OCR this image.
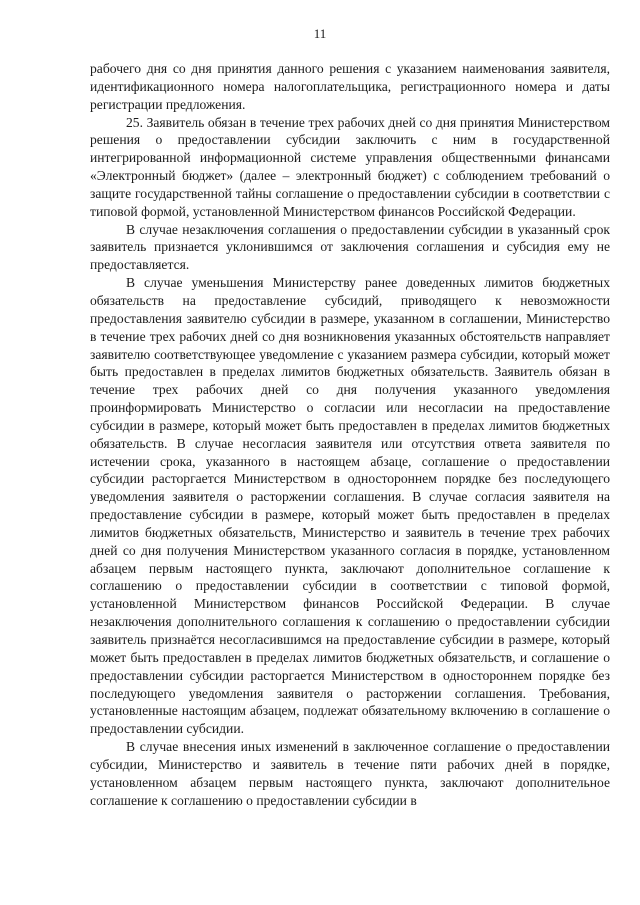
11

рабочего дня со дня принятия данного решения с указанием наименования заявителя, идентификационного номера налогоплательщика, регистрационного номера и даты регистрации предложения.

25. Заявитель обязан в течение трех рабочих дней со дня принятия Министерством решения о предоставлении субсидии заключить с ним в государственной интегрированной информационной системе управления общественными финансами «Электронный бюджет» (далее – электронный бюджет) с соблюдением требований о защите государственной тайны соглашение о предоставлении субсидии в соответствии с типовой формой, установленной Министерством финансов Российской Федерации.

В случае незаключения соглашения о предоставлении субсидии в указанный срок заявитель признается уклонившимся от заключения соглашения и субсидия ему не предоставляется.

В случае уменьшения Министерству ранее доведенных лимитов бюджетных обязательств на предоставление субсидий, приводящего к невозможности предоставления заявителю субсидии в размере, указанном в соглашении, Министерство в течение трех рабочих дней со дня возникновения указанных обстоятельств направляет заявителю соответствующее уведомление с указанием размера субсидии, который может быть предоставлен в пределах лимитов бюджетных обязательств. Заявитель обязан в течение трех рабочих дней со дня получения указанного уведомления проинформировать Министерство о согласии или несогласии на предоставление субсидии в размере, который может быть предоставлен в пределах лимитов бюджетных обязательств. В случае несогласия заявителя или отсутствия ответа заявителя по истечении срока, указанного в настоящем абзаце, соглашение о предоставлении субсидии расторгается Министерством в одностороннем порядке без последующего уведомления заявителя о расторжении соглашения. В случае согласия заявителя на предоставление субсидии в размере, который может быть предоставлен в пределах лимитов бюджетных обязательств, Министерство и заявитель в течение трех рабочих дней со дня получения Министерством указанного согласия в порядке, установленном абзацем первым настоящего пункта, заключают дополнительное соглашение к соглашению о предоставлении субсидии в соответствии с типовой формой, установленной Министерством финансов Российской Федерации. В случае незаключения дополнительного соглашения к соглашению о предоставлении субсидии заявитель признаётся несогласившимся на предоставление субсидии в размере, который может быть предоставлен в пределах лимитов бюджетных обязательств, и соглашение о предоставлении субсидии расторгается Министерством в одностороннем порядке без последующего уведомления заявителя о расторжении соглашения. Требования, установленные настоящим абзацем, подлежат обязательному включению в соглашение о предоставлении субсидии.

В случае внесения иных изменений в заключенное соглашение о предоставлении субсидии, Министерство и заявитель в течение пяти рабочих дней в порядке, установленном абзацем первым настоящего пункта, заключают дополнительное соглашение к соглашению о предоставлении субсидии в
